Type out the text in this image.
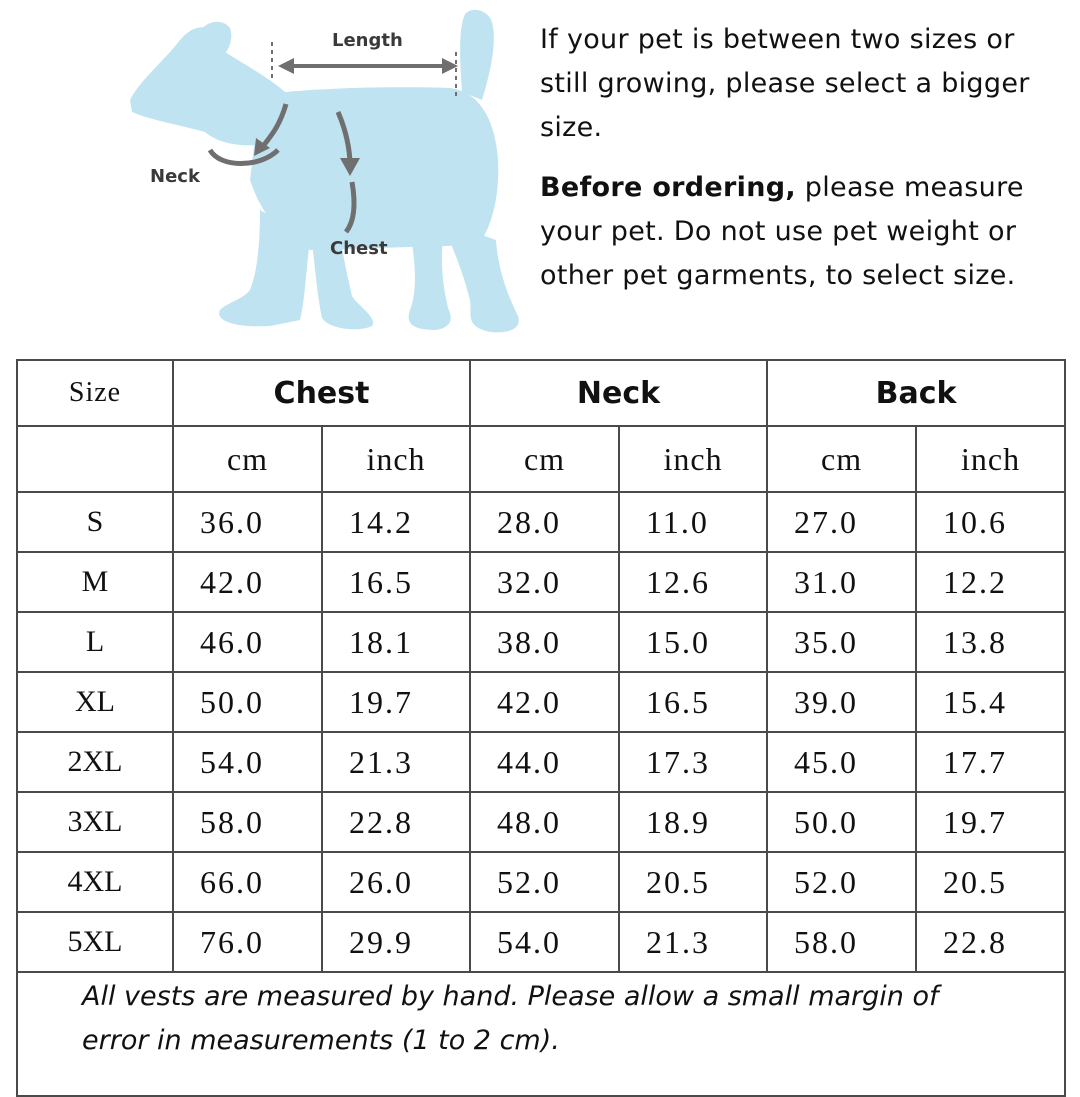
Length
Neck
Chest

If your pet is between two sizes or still growing, please select a bigger size.

Before ordering, please measure your pet. Do not use pet weight or other pet garments, to select size.

Size	Chest		Neck		Back	
	cm	inch	cm	inch	cm	inch
S	36.0	14.2	28.0	11.0	27.0	10.6
M	42.0	16.5	32.0	12.6	31.0	12.2
L	46.0	18.1	38.0	15.0	35.0	13.8
XL	50.0	19.7	42.0	16.5	39.0	15.4
2XL	54.0	21.3	44.0	17.3	45.0	17.7
3XL	58.0	22.8	48.0	18.9	50.0	19.7
4XL	66.0	26.0	52.0	20.5	52.0	20.5
5XL	76.0	29.9	54.0	21.3	58.0	22.8
All vests are measured by hand. Please allow a small margin of error in measurements (1 to 2 cm).						
